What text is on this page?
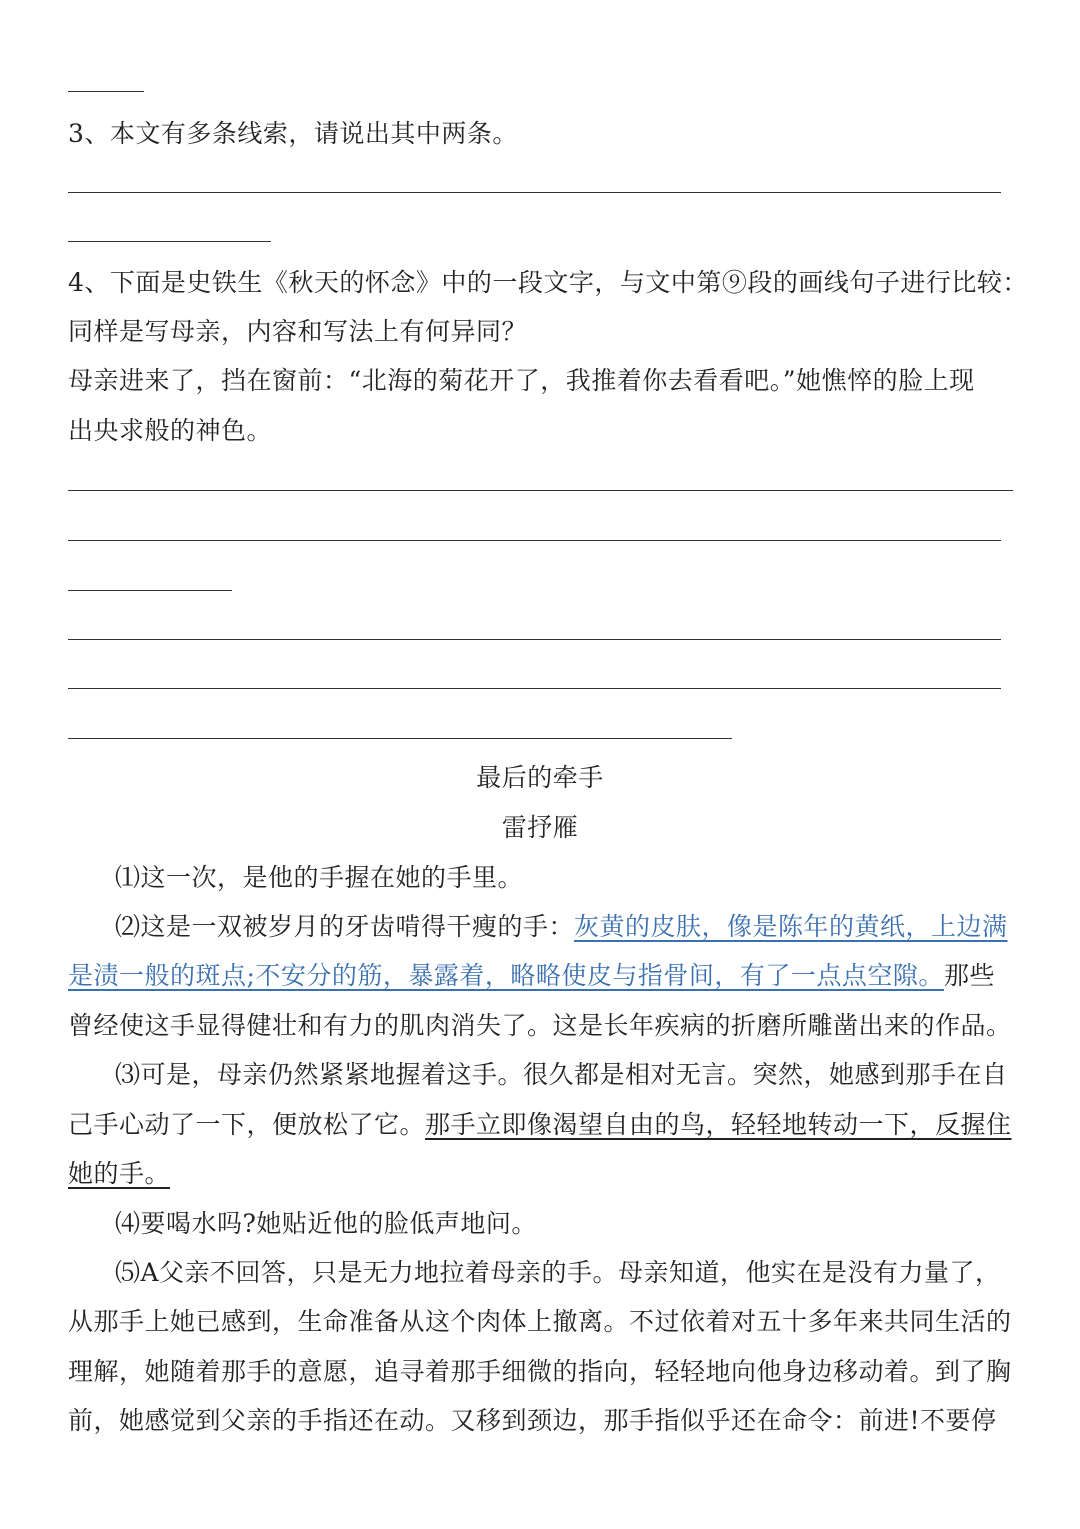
3、本文有多条线索，请说出其中两条。
4、下面是史铁生《秋天的怀念》中的一段文字，与文中第⑨段的画线句子进行比较：
同样是写母亲，内容和写法上有何异同？
母亲进来了，挡在窗前：“北海的菊花开了，我推着你去看看吧。”她憔悴的脸上现
出央求般的神色。
最后的牵手
雷抒雁
⑴这一次，是他的手握在她的手里。
⑵这是一双被岁月的牙齿啃得干瘦的手：灰黄的皮肤，像是陈年的黄纸，上边满
是渍一般的斑点;不安分的筋，暴露着，略略使皮与指骨间，有了一点点空隙。那些
曾经使这手显得健壮和有力的肌肉消失了。这是长年疾病的折磨所雕凿出来的作品。
⑶可是，母亲仍然紧紧地握着这手。很久都是相对无言。突然，她感到那手在自
己手心动了一下，便放松了它。那手立即像渴望自由的鸟，轻轻地转动一下，反握住
她的手。
⑷要喝水吗?她贴近他的脸低声地问。
⑸A父亲不回答，只是无力地拉着母亲的手。母亲知道，他实在是没有力量了，
从那手上她已感到，生命准备从这个肉体上撤离。不过依着对五十多年来共同生活的
理解，她随着那手的意愿，追寻着那手细微的指向，轻轻地向他身边移动着。到了胸
前，她感觉到父亲的手指还在动。又移到颈边，那手指似乎还在命令：前进!不要停
